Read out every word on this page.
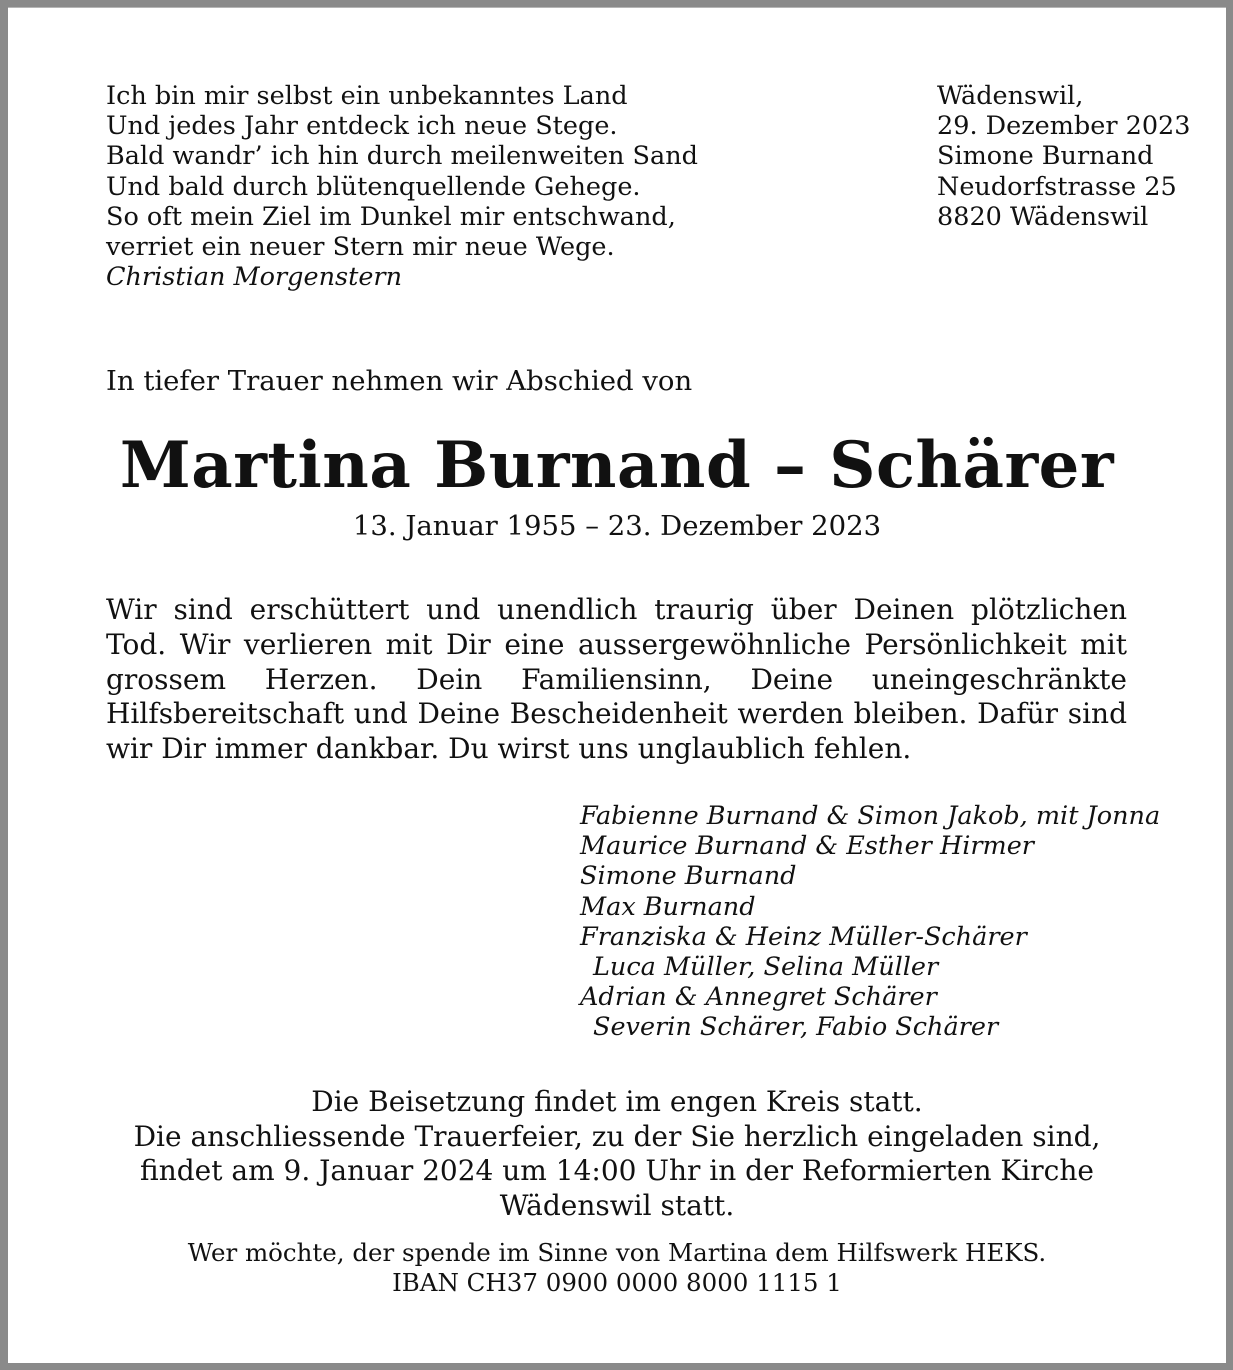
Ich bin mir selbst ein unbekanntes Land
Und jedes Jahr entdeck ich neue Stege.
Bald wandr’ ich hin durch meilenweiten Sand
Und bald durch blütenquellende Gehege.
So oft mein Ziel im Dunkel mir entschwand,
verriet ein neuer Stern mir neue Wege.
Christian Morgenstern
Wädenswil,
29. Dezember 2023
Simone Burnand
Neudorfstrasse 25
8820 Wädenswil
In tiefer Trauer nehmen wir Abschied von
Martina Burnand – Schärer
13. Januar 1955 – 23. Dezember 2023
Wir sind erschüttert und unendlich traurig über Deinen plötzlichen Tod. Wir verlieren mit Dir eine aussergewöhnliche Persönlichkeit mit grossem Herzen. Dein Familiensinn, Deine uneingeschränkte Hilfsbereitschaft und Deine Bescheidenheit werden bleiben. Dafür sind wir Dir immer dankbar. Du wirst uns unglaublich fehlen.
Fabienne Burnand & Simon Jakob, mit Jonna
Maurice Burnand & Esther Hirmer
Simone Burnand
Max Burnand
Franziska & Heinz Müller-Schärer
Luca Müller, Selina Müller
Adrian & Annegret Schärer
Severin Schärer, Fabio Schärer
Die Beisetzung findet im engen Kreis statt.
Die anschliessende Trauerfeier, zu der Sie herzlich eingeladen sind,
findet am 9. Januar 2024 um 14:00 Uhr in der Reformierten Kirche
Wädenswil statt.
Wer möchte, der spende im Sinne von Martina dem Hilfswerk HEKS.
IBAN CH37 0900 0000 8000 1115 1
